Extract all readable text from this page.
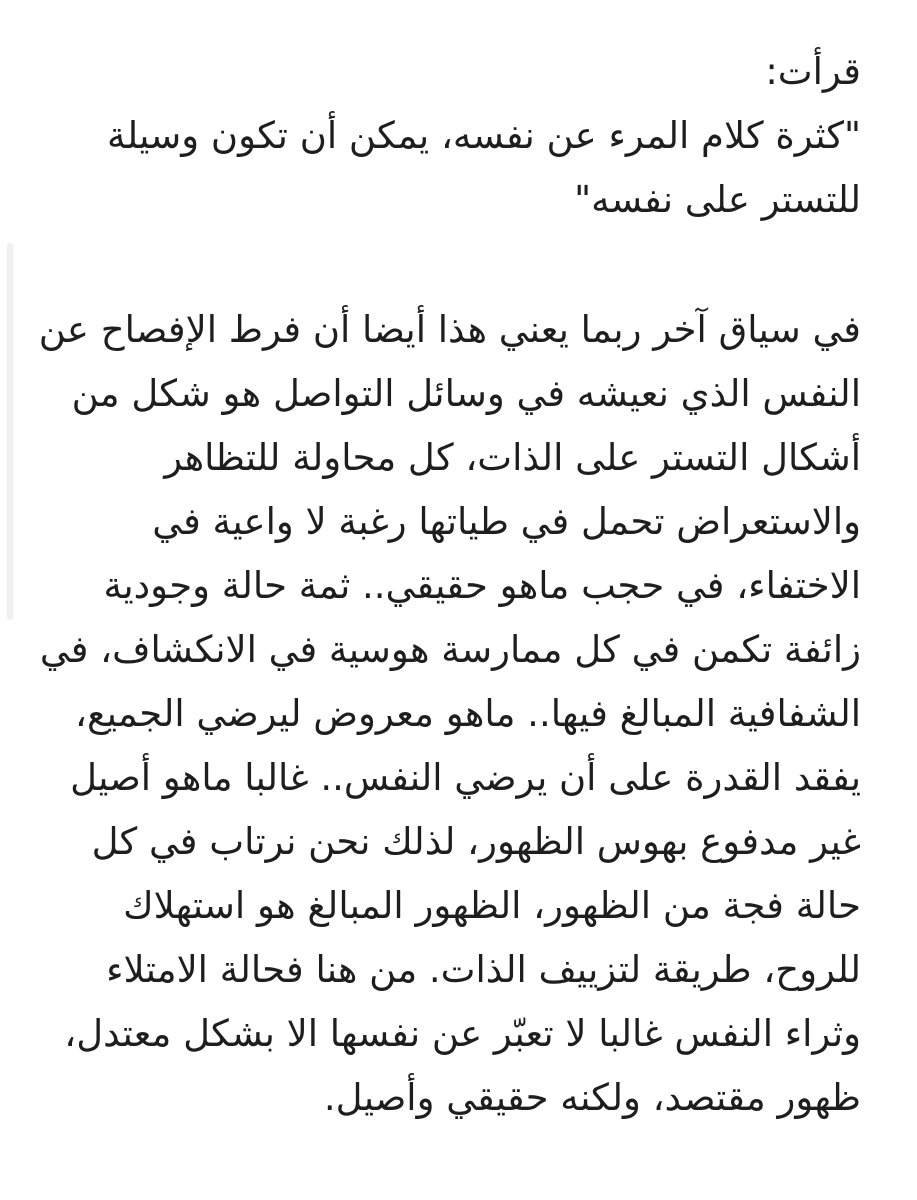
قرأت:
"كثرة كلام المرء عن نفسه، يمكن أن تكون وسيلة
للتستر على نفسه"
في سياق آخر ربما يعني هذا أيضا أن فرط الإفصاح عن
النفس الذي نعيشه في وسائل التواصل هو شكل من
أشكال التستر على الذات، كل محاولة للتظاهر
والاستعراض تحمل في طياتها رغبة لا واعية في
الاختفاء، في حجب ماهو حقيقي.. ثمة حالة وجودية
زائفة تكمن في كل ممارسة هوسية في الانكشاف، في
الشفافية المبالغ فيها.. ماهو معروض ليرضي الجميع،
يفقد القدرة على أن يرضي النفس.. غالبا ماهو أصيل
غير مدفوع بهوس الظهور، لذلك نحن نرتاب في كل
حالة فجة من الظهور، الظهور المبالغ هو استهلاك
للروح، طريقة لتزييف الذات. من هنا فحالة الامتلاء
وثراء النفس غالبا لا تعبّر عن نفسها الا بشكل معتدل،
ظهور مقتصد، ولكنه حقيقي وأصيل.
